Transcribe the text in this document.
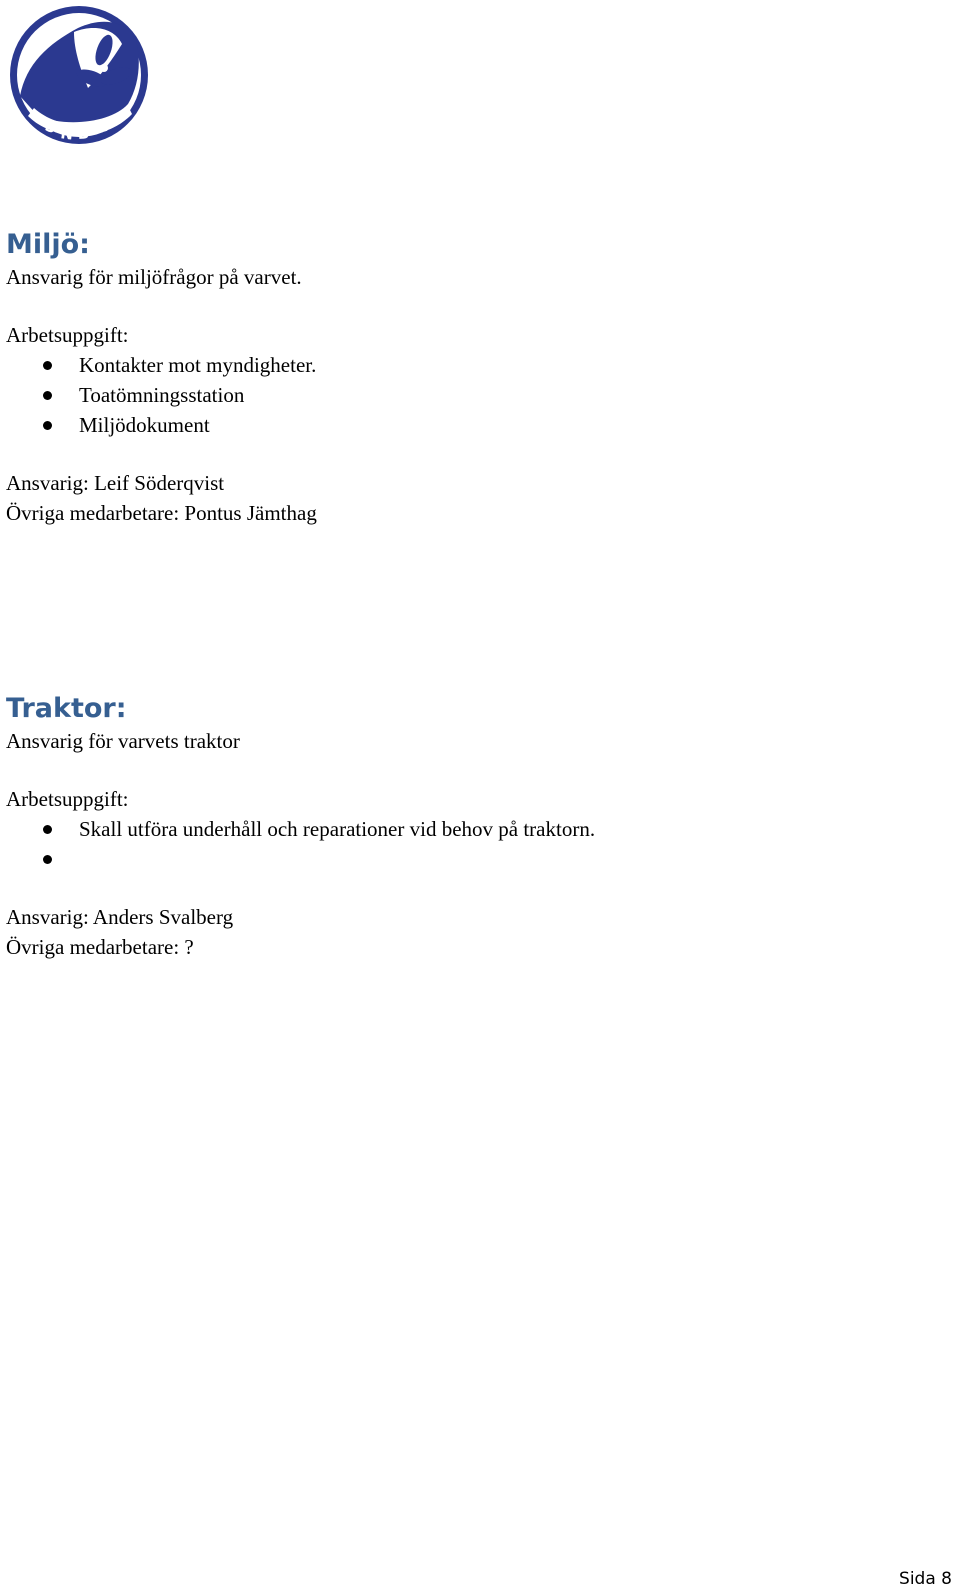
S N B K
Miljö:
Ansvarig för miljöfrågor på varvet.
Arbetsuppgift:
Kontakter mot myndigheter.
Toatömningsstation
Miljödokument
Ansvarig: Leif Söderqvist
Övriga medarbetare: Pontus Jämthag
Traktor:
Ansvarig för varvets traktor
Arbetsuppgift:
Skall utföra underhåll och reparationer vid behov på traktorn.
Ansvarig: Anders Svalberg
Övriga medarbetare: ?
Sida 8
